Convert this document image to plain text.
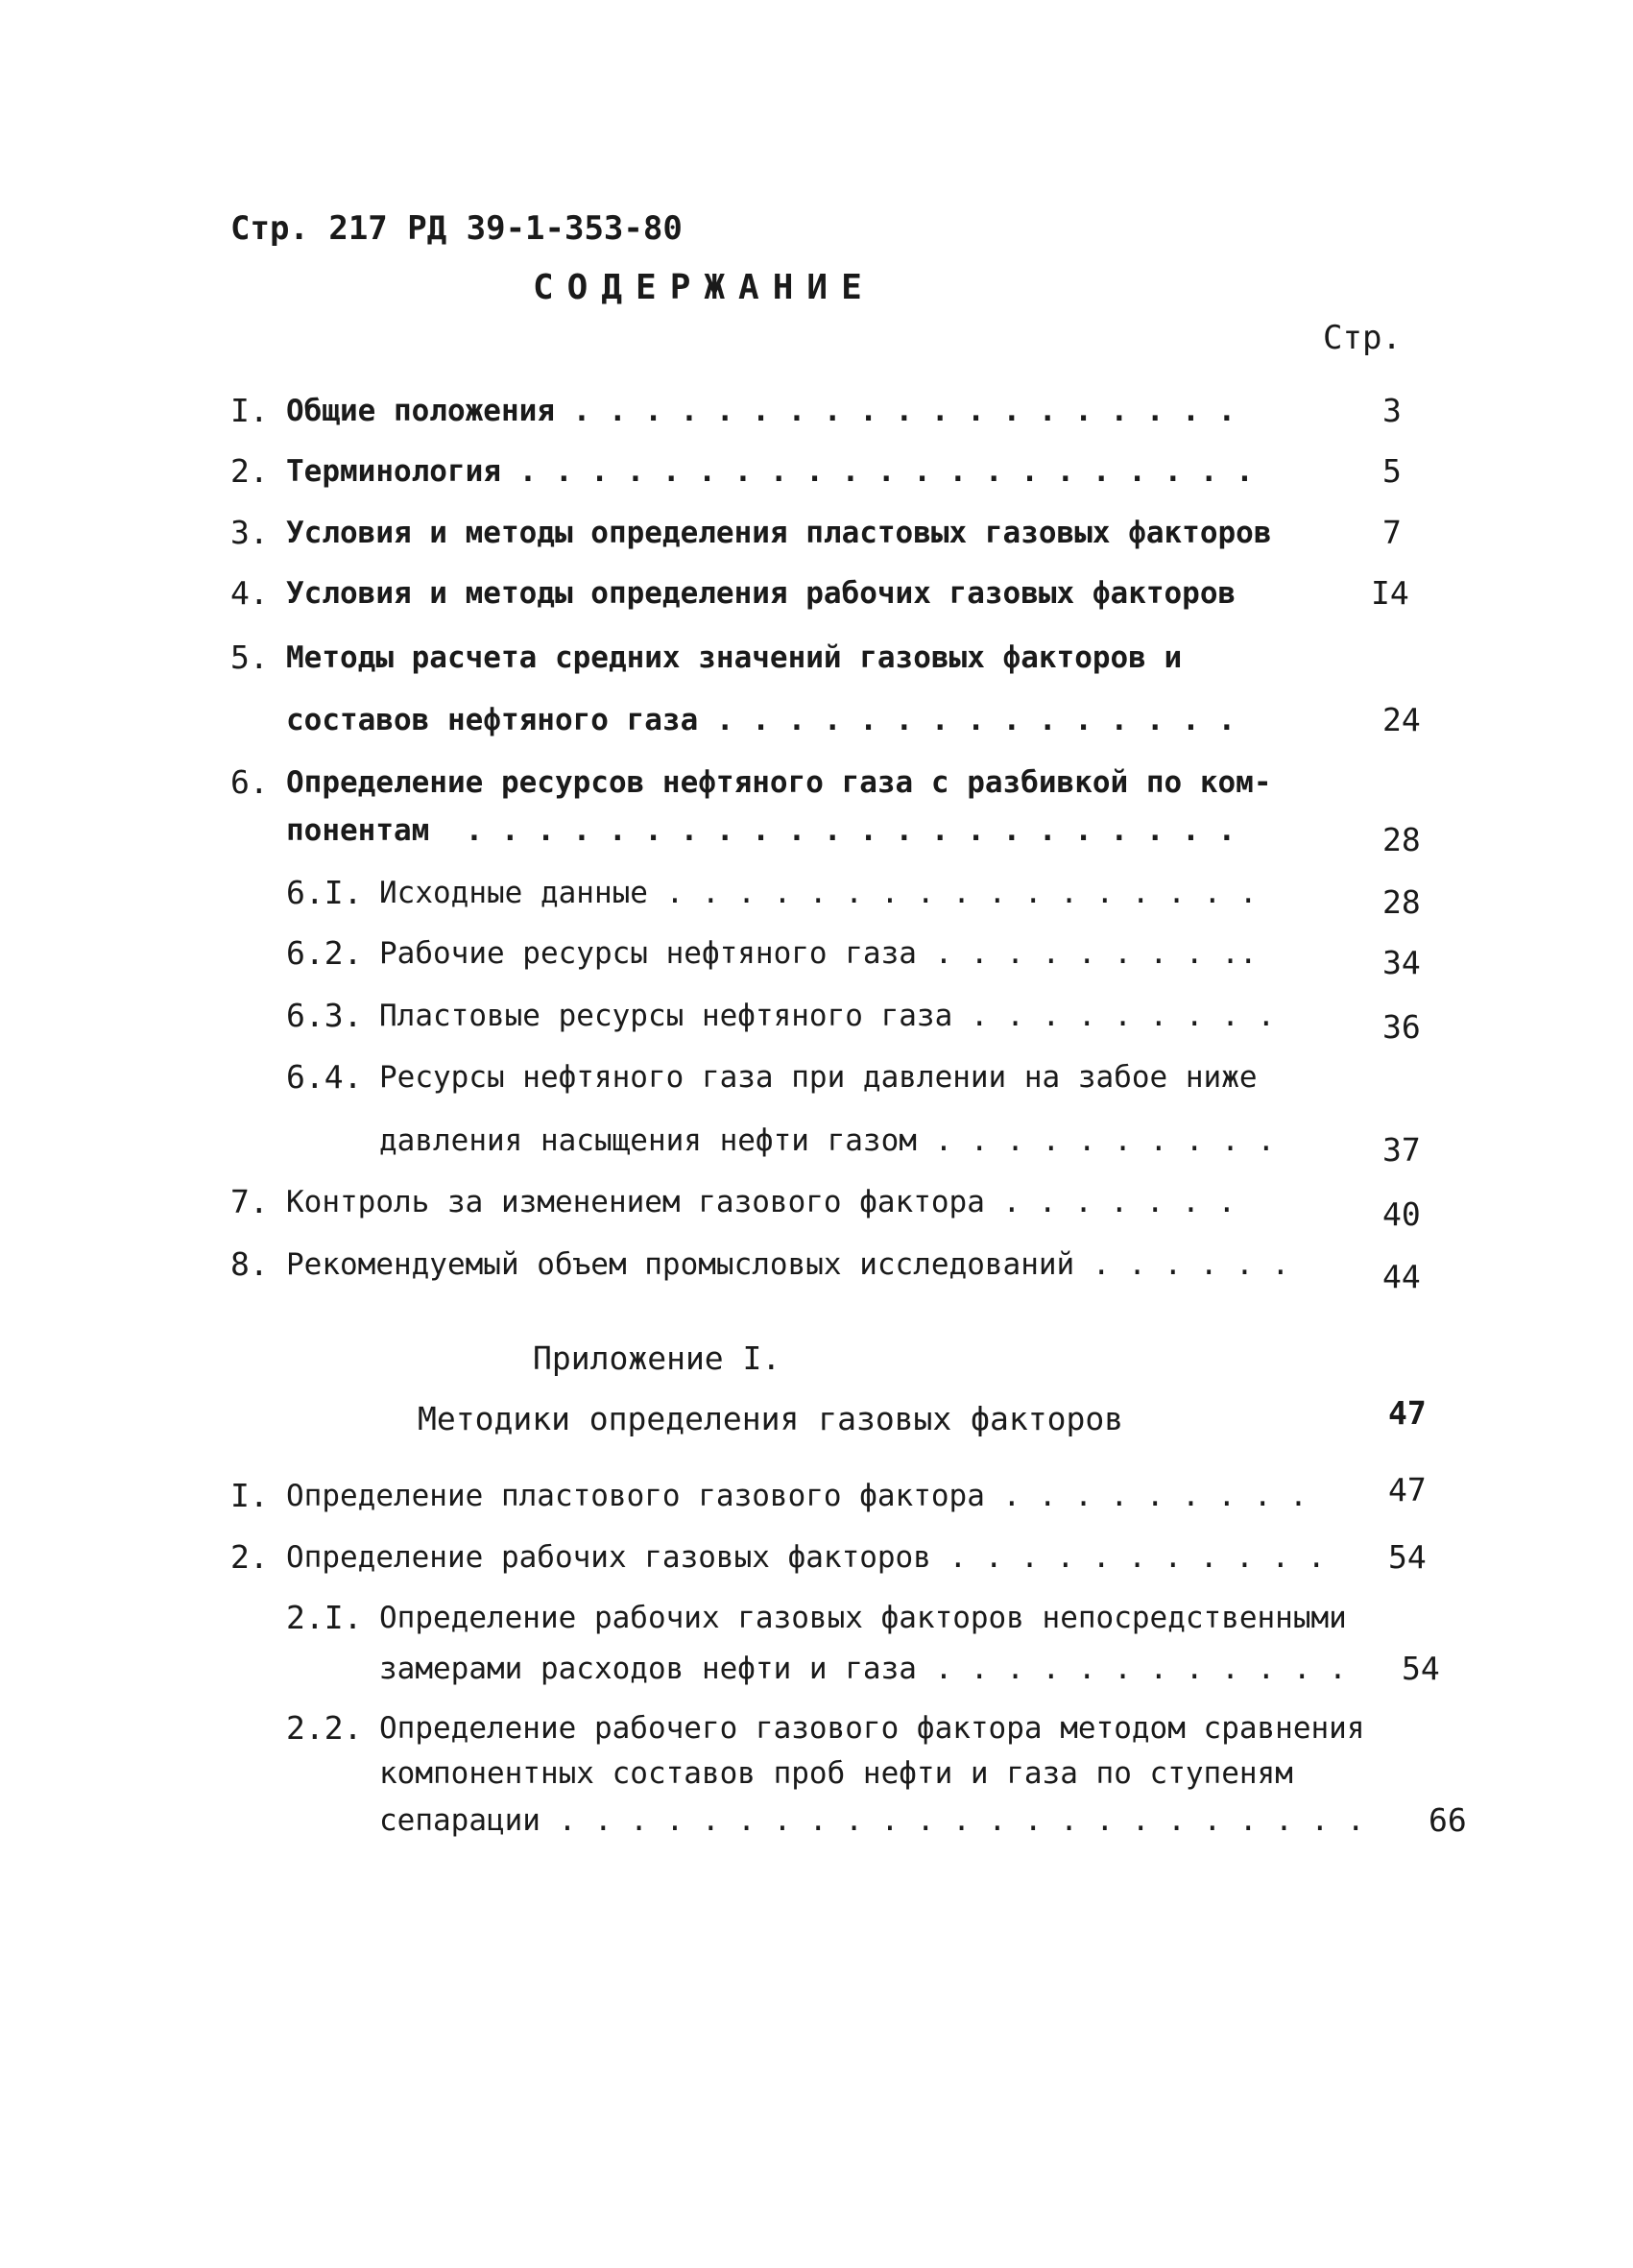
Стр. 217 РД 39-1-353-80
СОДЕРЖАНИЕ
Стр.
I. Общие положения . . . . . . . . . . . . . . . . . . .	3
2. Терминология . . . . . . . . . . . . . . . . . . . . .	5
3. Условия и методы определения пластовых газовых факторов	7
4. Условия и методы определения рабочих газовых факторов	I4
5. Методы расчета средних значений газовых факторов и
составов нефтяного газа . . . . . . . . . . . . . . .	24
6. Определение ресурсов нефтяного газа с разбивкой по ком-
понентам  . . . . . . . . . . . . . . . . . . . . . .	28
6.I. Исходные данные . . . . . . . . . . . . . . . . .	28
6.2. Рабочие ресурсы нефтяного газа . . . . . . . . ..	34
6.3. Пластовые ресурсы нефтяного газа . . . . . . . . .	36
6.4. Ресурсы нефтяного газа при давлении на забое ниже
давления насыщения нефти газом . . . . . . . . . .	37
7. Контроль за изменением газового фактора . . . . . . .	40
8. Рекомендуемый объем промысловых исследований . . . . . .	44
Приложение I.
Методики определения газовых факторов	47
I. Определение пластового газового фактора . . . . . . . . .	47
2. Определение рабочих газовых факторов . . . . . . . . . . . 54
2.I. Определение рабочих газовых факторов непосредственными
замерами расходов нефти и газа . . . . . . . . . . . . 54
2.2. Определение рабочего газового фактора методом сравнения
компонентных составов проб нефти и газа по ступеням
сепарации . . . . . . . . . . . . . . . . . . . . . . . 66
